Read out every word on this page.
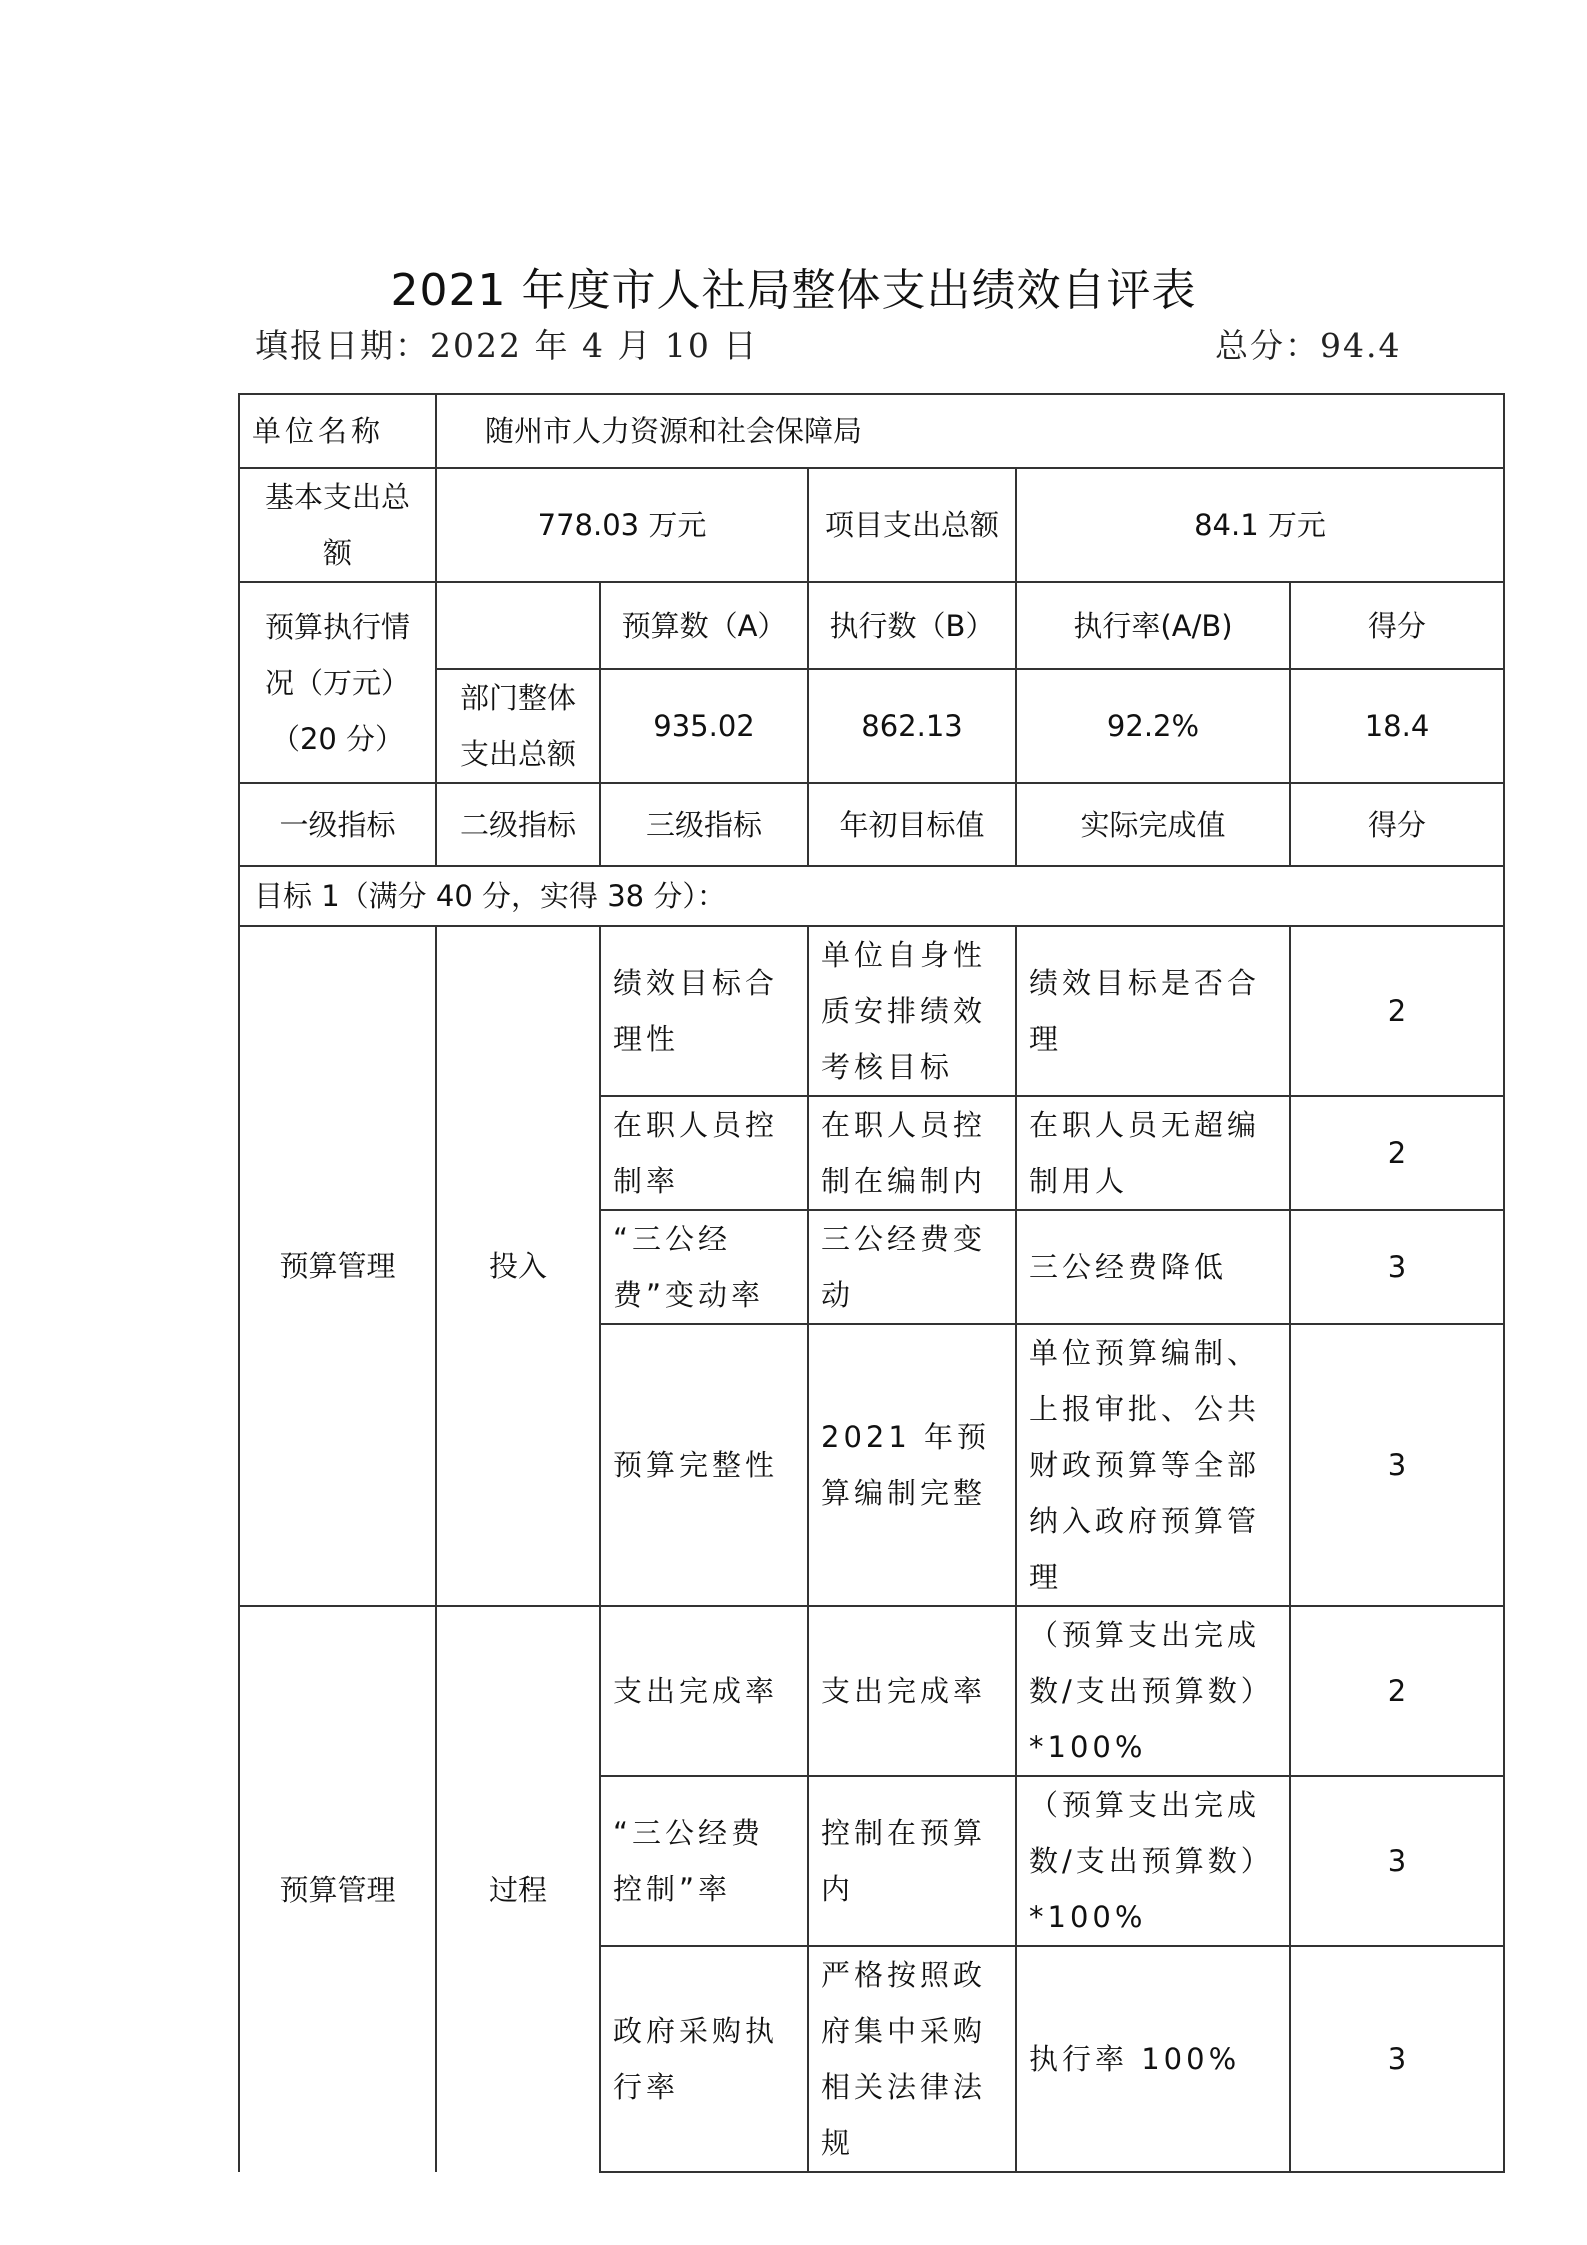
2021 年度市人社局整体支出绩效自评表
填报日期：2022 年 4 月 10 日	总分：94.4
单位名称	随州市人力资源和社会保障局				
基本支出总额	778.03 万元		项目支出总额	84.1 万元	
预算执行情况（万元）（20 分）		预算数（A）	执行数（B）	执行率(A/B)	得分
	部门整体支出总额	935.02	862.13	92.2%	18.4
一级指标	二级指标	三级指标	年初目标值	实际完成值	得分
目标 1（满分 40 分，实得 38 分）：					
预算管理	投入	绩效目标合理性	单位自身性质安排绩效考核目标	绩效目标是否合理	2
		在职人员控制率	在职人员控制在编制内	在职人员无超编制用人	2
		“三公经费”变动率	三公经费变动	三公经费降低	3
		预算完整性	2021 年预算编制完整	单位预算编制、上报审批、公共财政预算等全部纳入政府预算管理	3
预算管理	过程	支出完成率	支出完成率	（预算支出完成数/支出预算数）*100%	2
		“三公经费控制”率	控制在预算内	（预算支出完成数/支出预算数）*100%	3
		政府采购执行率	严格按照政府集中采购相关法律法规	执行率 100%	3
